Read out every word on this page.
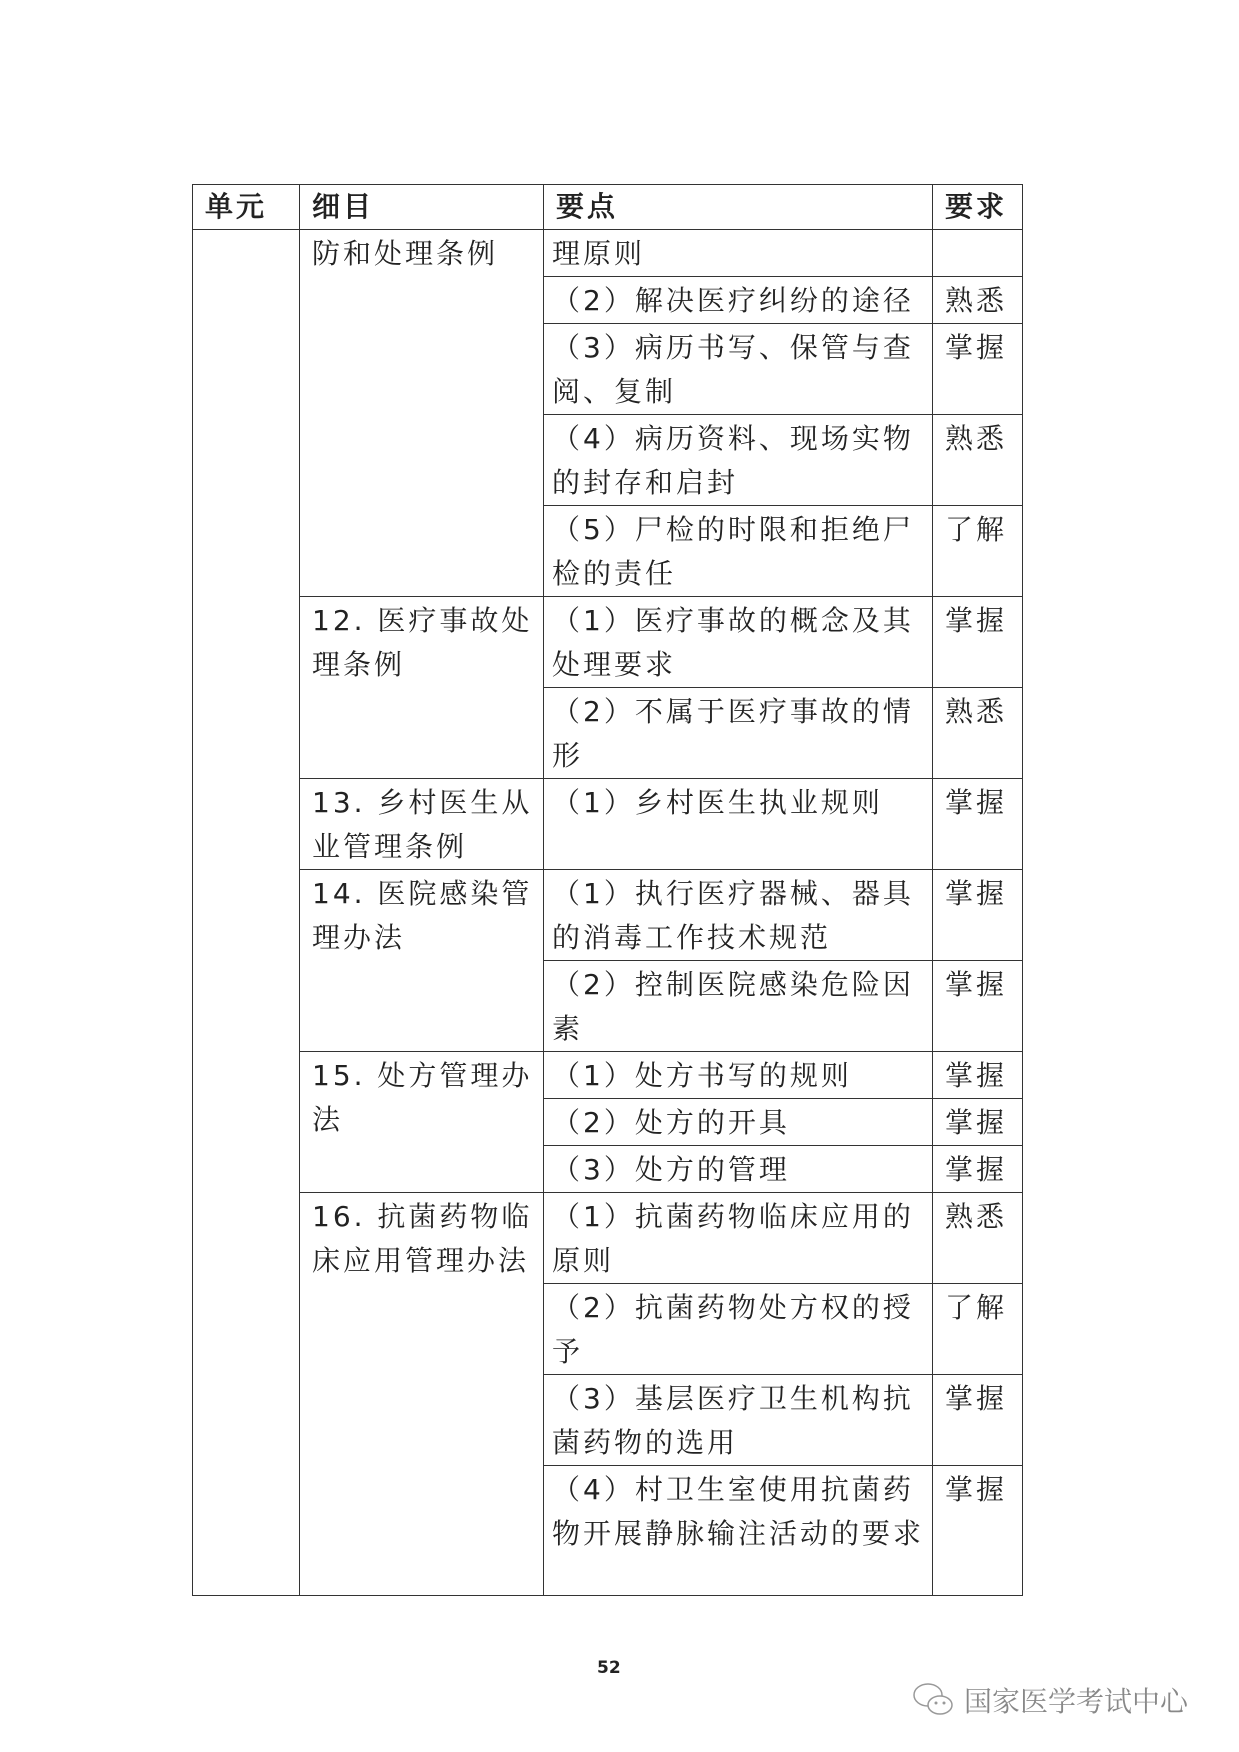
单元	细目	要点	要求
	防和处理条例	理原则	
		（2）解决医疗纠纷的途径	熟悉
		（3）病历书写、保管与查阅、复制	掌握
		（4）病历资料、现场实物的封存和启封	熟悉
		（5）尸检的时限和拒绝尸检的责任	了解
	12. 医疗事故处理条例	（1）医疗事故的概念及其处理要求	掌握
		（2）不属于医疗事故的情形	熟悉
	13. 乡村医生从业管理条例	（1）乡村医生执业规则	掌握
	14. 医院感染管理办法	（1）执行医疗器械、器具的消毒工作技术规范	掌握
		（2）控制医院感染危险因素	掌握
	15. 处方管理办法	（1）处方书写的规则	掌握
		（2）处方的开具	掌握
		（3）处方的管理	掌握
	16. 抗菌药物临床应用管理办法	（1）抗菌药物临床应用的原则	熟悉
		（2）抗菌药物处方权的授予	了解
		（3）基层医疗卫生机构抗菌药物的选用	掌握
		（4）村卫生室使用抗菌药物开展静脉输注活动的要求	掌握
52
国家医学考试中心
